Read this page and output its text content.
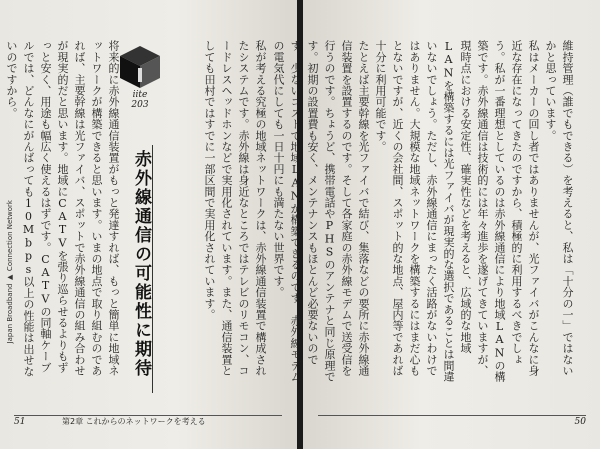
Japan Broadband ▶ Connection Network	私が考える究極の地域ネットワークは、赤外線通信装置で構成されたシステムです。赤外線は身近なところではテレビのリモコン、コードレスヘッドホンなどで実用化されています。また、通信装置としても田村ではすでに一部区間で実用化されています。
赤外線通信の可能性に期待
iite
203
将来的に赤外線通信装置がもっと発達すれば、もっと簡単に地域ネットワークが構築できると思います。いまの地点で取り組むのであれば、主要幹線は光ファイバ、スポットで赤外線通信の組み合わせが現実的だと思います。地域にCATVを張り巡らせるよりもずっと安く、用途も幅広く使えるはずです。CATVの同軸ケーブルでは、どんなにがんばっても10Mbps以上の性能は出せないのですから。
51	第2章 これからのネットワークを考える
維持管理（誰でもできる）を考えると、私は「十分の一」ではないかと思っています。
私はメーカーの回し者ではありませんが、光ファイバがこんなに身近な存在になってきたのですから、積極的に利用するべきでしょう。私が一番理想としているのは赤外線通信により地域LANの構築です。赤外線通信は技術的には年々進歩を遂げてきていますが、現時点における安定性、確実性などを考えると、広域的な地域LANを構築するには光ファイバが現実的な選択であることは間違いないでしょう。ただし、赤外線通信にまったく活路がないわけではありません。大規模な地域ネットワークを構築するにはまだ心もとないですが、近くの会社間、スポット的な地点、屋内等であれば十分に利用可能です。
たとえば主要幹線を光ファイバで結び、集落などの要所に赤外線通信装置を設置するのです。そして各家庭の赤外線モデムで送受信を行うのです。ちょうど、携帯電話やPHSのアンテナと同じ原理です。初期の設置費も安く、メンテナンスもほとんど必要ないのです。少ないコストで地域LANが構築できるのです。赤外線モデムの電気代にしても一日十円にも満たない世界です。
50
